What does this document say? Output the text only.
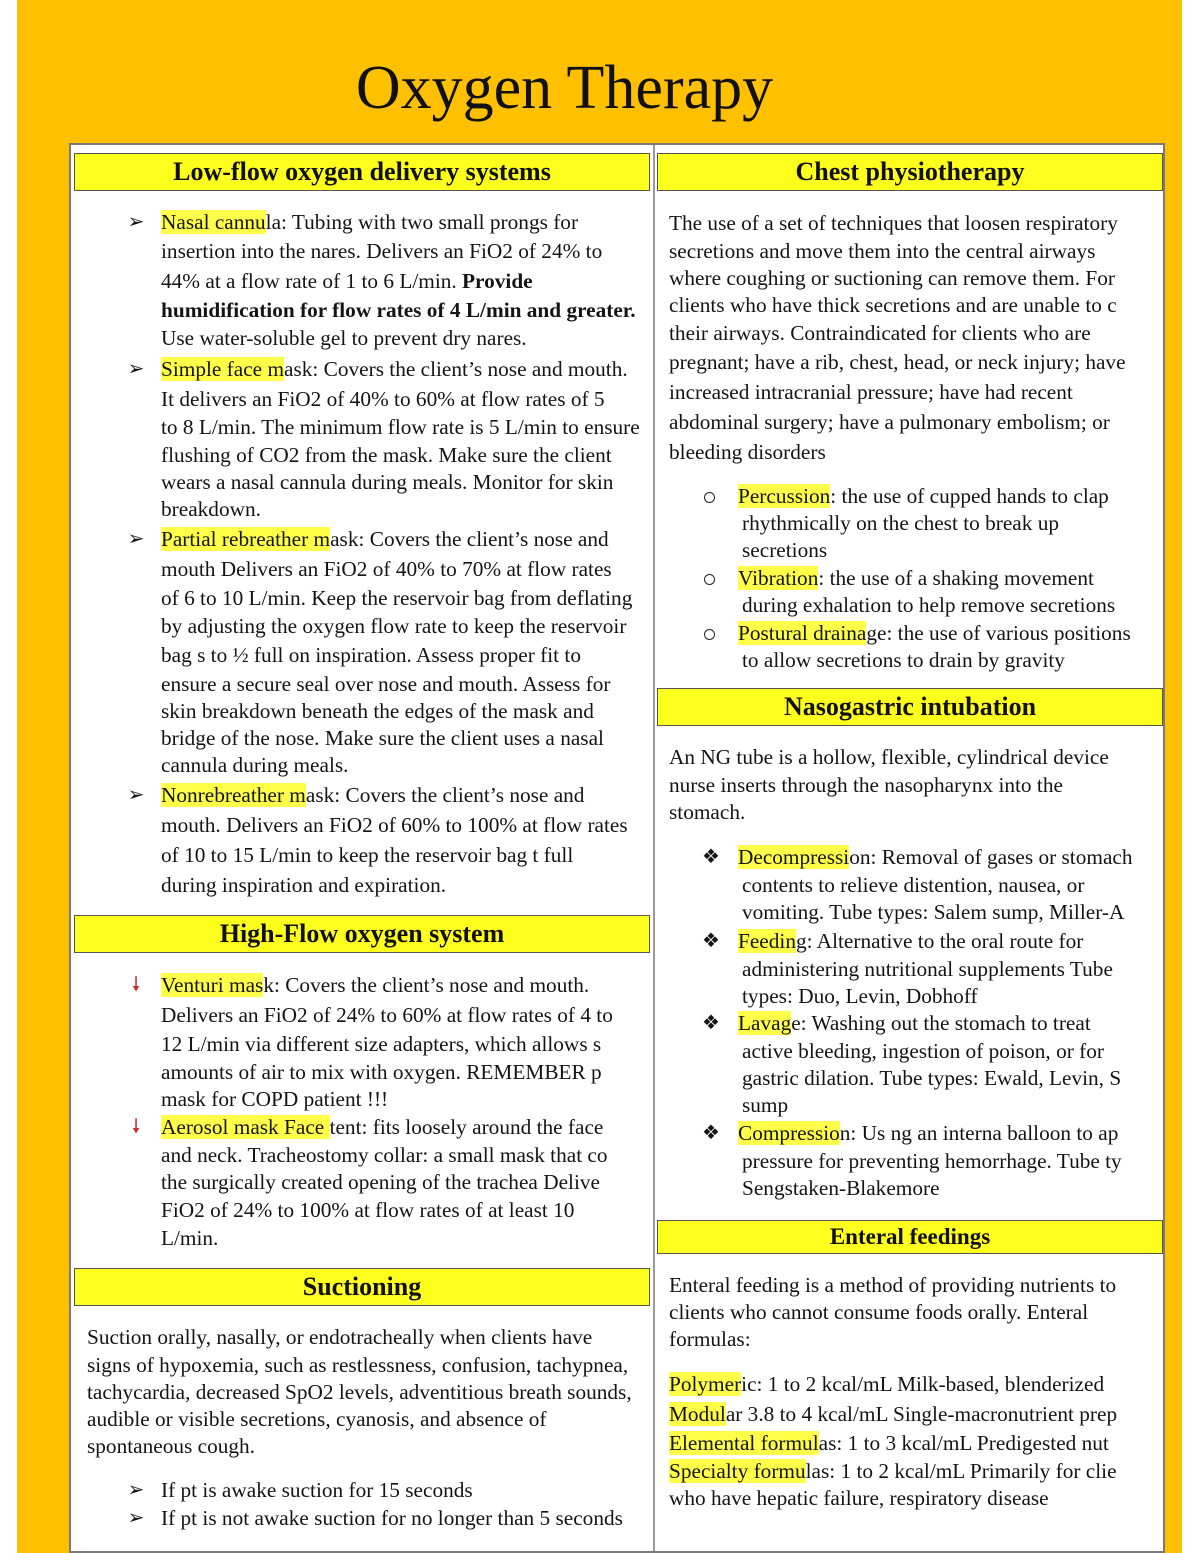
Oxygen Therapy
Low-flow oxygen delivery systems
➢ Nasal cannula: Tubing with two small prongs for
insertion into the nares. Delivers an FiO2 of 24% to
44% at a flow rate of 1 to 6 L/min. Provide
humidification for flow rates of 4 L/min and greater.
Use water-soluble gel to prevent dry nares.
➢ Simple face mask: Covers the client’s nose and mouth.
It delivers an FiO2 of 40% to 60% at flow rates of 5
to 8 L/min. The minimum flow rate is 5 L/min to ensure
flushing of CO2 from the mask. Make sure the client
wears a nasal cannula during meals. Monitor for skin
breakdown.
➢ Partial rebreather mask: Covers the client’s nose and
mouth Delivers an FiO2 of 40% to 70% at flow rates
of 6 to 10 L/min. Keep the reservoir bag from deflating
by adjusting the oxygen flow rate to keep the reservoir
bag s to ½ full on inspiration. Assess proper fit to
ensure a secure seal over nose and mouth. Assess for
skin breakdown beneath the edges of the mask and
bridge of the nose. Make sure the client uses a nasal
cannula during meals.
➢ Nonrebreather mask: Covers the client’s nose and
mouth. Delivers an FiO2 of 60% to 100% at flow rates
of 10 to 15 L/min to keep the reservoir bag t full
during inspiration and expiration.
High-Flow oxygen system
🠗 Venturi mask: Covers the client’s nose and mouth.
Delivers an FiO2 of 24% to 60% at flow rates of 4 to
12 L/min via different size adapters, which allows s
amounts of air to mix with oxygen. REMEMBER p
mask for COPD patient !!!
🠗 Aerosol mask Face tent: fits loosely around the face
and neck. Tracheostomy collar: a small mask that co
the surgically created opening of the trachea Delive
FiO2 of 24% to 100% at flow rates of at least 10
L/min.
Suctioning
Suction orally, nasally, or endotracheally when clients have
signs of hypoxemia, such as restlessness, confusion, tachypnea,
tachycardia, decreased SpO2 levels, adventitious breath sounds,
audible or visible secretions, cyanosis, and absence of
spontaneous cough.
➢ If pt is awake suction for 15 seconds
➢ If pt is not awake suction for no longer than 5 seconds
Chest physiotherapy
The use of a set of techniques that loosen respiratory
secretions and move them into the central airways
where coughing or suctioning can remove them. For
clients who have thick secretions and are unable to c
their airways. Contraindicated for clients who are
pregnant; have a rib, chest, head, or neck injury; have
increased intracranial pressure; have had recent
abdominal surgery; have a pulmonary embolism; or
bleeding disorders
Percussion: the use of cupped hands to clap
rhythmically on the chest to break up
secretions
Vibration: the use of a shaking movement
during exhalation to help remove secretions
Postural drainage: the use of various positions
to allow secretions to drain by gravity
Nasogastric intubation
An NG tube is a hollow, flexible, cylindrical device
nurse inserts through the nasopharynx into the
stomach.
❖ Decompression: Removal of gases or stomach
contents to relieve distention, nausea, or
vomiting. Tube types: Salem sump, Miller-A
❖ Feeding: Alternative to the oral route for
administering nutritional supplements Tube
types: Duo, Levin, Dobhoff
❖ Lavage: Washing out the stomach to treat
active bleeding, ingestion of poison, or for
gastric dilation. Tube types: Ewald, Levin, S
sump
❖ Compression: Us ng an interna balloon to ap
pressure for preventing hemorrhage. Tube ty
Sengstaken-Blakemore
Enteral feedings
Enteral feeding is a method of providing nutrients to
clients who cannot consume foods orally. Enteral
formulas:
Polymeric: 1 to 2 kcal/mL Milk-based, blenderized
Modular 3.8 to 4 kcal/mL Single-macronutrient prep
Elemental formulas: 1 to 3 kcal/mL Predigested nut
Specialty formulas: 1 to 2 kcal/mL Primarily for clie
who have hepatic failure, respiratory disease
